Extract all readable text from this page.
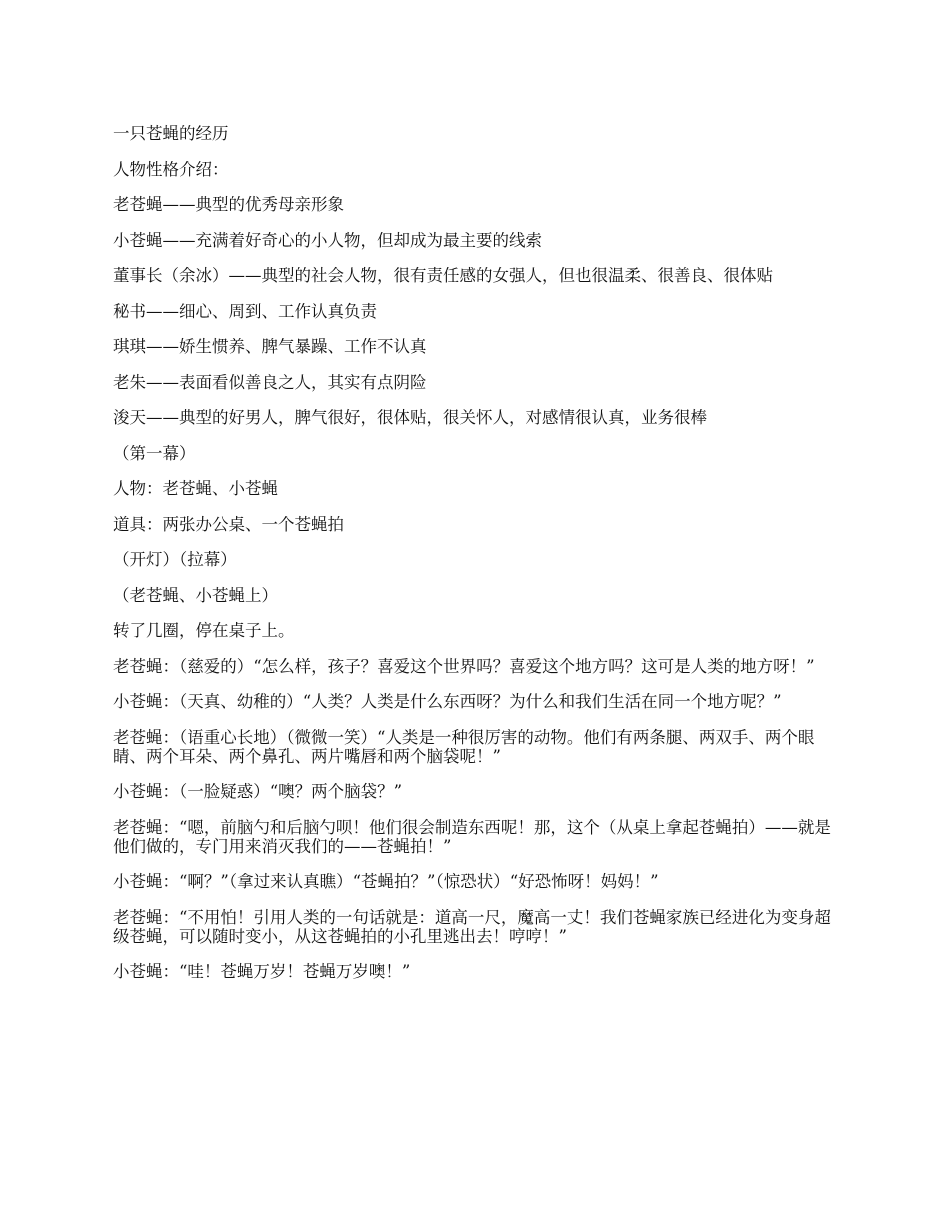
一只苍蝇的经历

人物性格介绍：

老苍蝇——典型的优秀母亲形象

小苍蝇——充满着好奇心的小人物，但却成为最主要的线索

董事长（余冰）——典型的社会人物，很有责任感的女强人，但也很温柔、很善良、很体贴

秘书——细心、周到、工作认真负责

琪琪——娇生惯养、脾气暴躁、工作不认真

老朱——表面看似善良之人，其实有点阴险

浚天——典型的好男人，脾气很好，很体贴，很关怀人，对感情很认真，业务很棒

（第一幕）

人物：老苍蝇、小苍蝇

道具：两张办公桌、一个苍蝇拍

（开灯）（拉幕）

（老苍蝇、小苍蝇上）

转了几圈，停在桌子上。

老苍蝇：（慈爱的）“怎么样，孩子？喜爱这个世界吗？喜爱这个地方吗？这可是人类的地方呀！”

小苍蝇：（天真、幼稚的）“人类？人类是什么东西呀？为什么和我们生活在同一个地方呢？”

老苍蝇：（语重心长地）（微微一笑）“人类是一种很厉害的动物。他们有两条腿、两双手、两个眼睛、两个耳朵、两个鼻孔、两片嘴唇和两个脑袋呢！”

小苍蝇：（一脸疑惑）“噢？两个脑袋？”

老苍蝇：“嗯，前脑勺和后脑勺呗！他们很会制造东西呢！那，这个（从桌上拿起苍蝇拍）——就是他们做的，专门用来消灭我们的——苍蝇拍！”

小苍蝇：“啊？”（拿过来认真瞧）“苍蝇拍？”（惊恐状）“好恐怖呀！妈妈！”

老苍蝇：“不用怕！引用人类的一句话就是：道高一尺，魔高一丈！我们苍蝇家族已经进化为变身超级苍蝇，可以随时变小，从这苍蝇拍的小孔里逃出去！哼哼！”

小苍蝇：“哇！苍蝇万岁！苍蝇万岁噢！”
